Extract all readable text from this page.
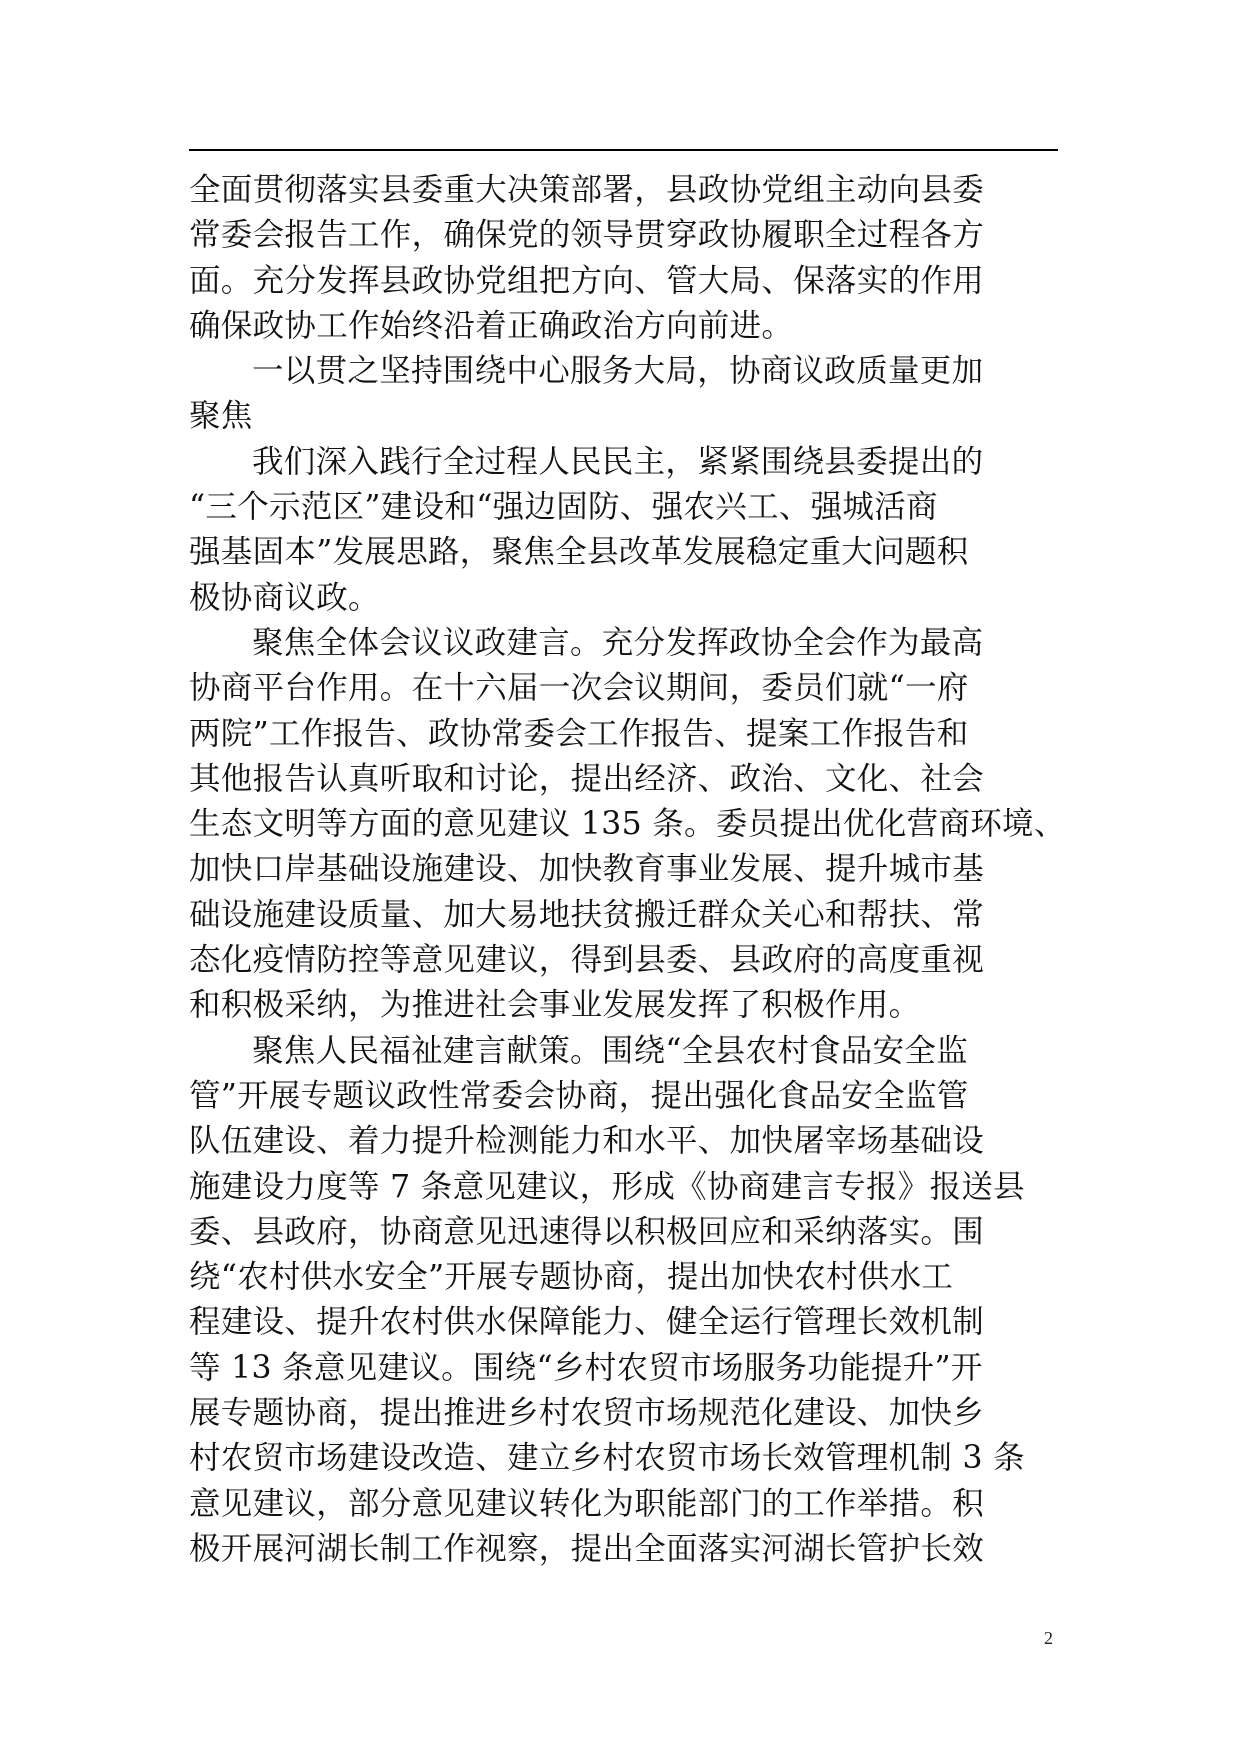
全面贯彻落实县委重大决策部署，县政协党组主动向县委
常委会报告工作，确保党的领导贯穿政协履职全过程各方
面。充分发挥县政协党组把方向、管大局、保落实的作用
确保政协工作始终沿着正确政治方向前进。
一以贯之坚持围绕中心服务大局，协商议政质量更加
聚焦
我们深入践行全过程人民民主，紧紧围绕县委提出的
“三个示范区”建设和“强边固防、强农兴工、强城活商
强基固本”发展思路，聚焦全县改革发展稳定重大问题积
极协商议政。
聚焦全体会议议政建言。充分发挥政协全会作为最高
协商平台作用。在十六届一次会议期间，委员们就“一府
两院”工作报告、政协常委会工作报告、提案工作报告和
其他报告认真听取和讨论，提出经济、政治、文化、社会
生态文明等方面的意见建议 135 条。委员提出优化营商环境、
加快口岸基础设施建设、加快教育事业发展、提升城市基
础设施建设质量、加大易地扶贫搬迁群众关心和帮扶、常
态化疫情防控等意见建议，得到县委、县政府的高度重视
和积极采纳，为推进社会事业发展发挥了积极作用。
聚焦人民福祉建言献策。围绕“全县农村食品安全监
管”开展专题议政性常委会协商，提出强化食品安全监管
队伍建设、着力提升检测能力和水平、加快屠宰场基础设
施建设力度等 7 条意见建议，形成《协商建言专报》报送县
委、县政府，协商意见迅速得以积极回应和采纳落实。围
绕“农村供水安全”开展专题协商，提出加快农村供水工
程建设、提升农村供水保障能力、健全运行管理长效机制
等 13 条意见建议。围绕“乡村农贸市场服务功能提升”开
展专题协商，提出推进乡村农贸市场规范化建设、加快乡
村农贸市场建设改造、建立乡村农贸市场长效管理机制 3 条
意见建议，部分意见建议转化为职能部门的工作举措。积
极开展河湖长制工作视察，提出全面落实河湖长管护长效
2
